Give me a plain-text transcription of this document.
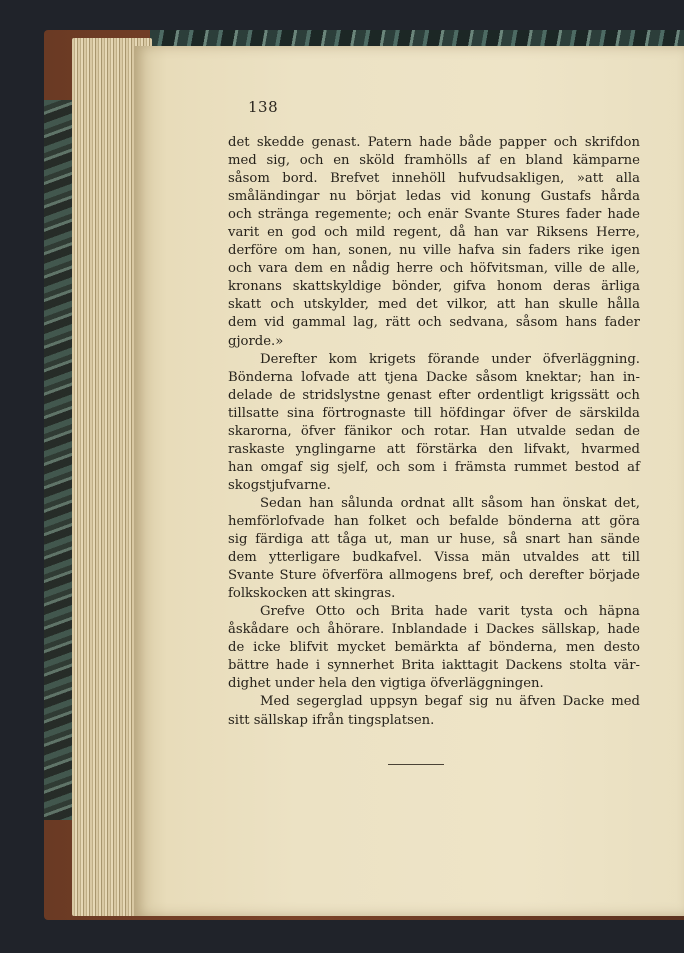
138
det skedde genast. Patern hade både papper och skrifdon
med sig, och en sköld framhölls af en bland kämparne
såsom bord. Brefvet innehöll hufvudsakligen, »att alla
småländingar nu börjat ledas vid konung Gustafs hårda
och stränga regemente; och enär Svante Stures fader hade
varit en god och mild regent, då han var Riksens Herre,
derföre om han, sonen, nu ville hafva sin faders rike igen
och vara dem en nådig herre och höfvitsman, ville de alle,
kronans skattskyldige bönder, gifva honom deras ärliga
skatt och utskylder, med det vilkor, att han skulle hålla
dem vid gammal lag, rätt och sedvana, såsom hans fader
gjorde.»
Derefter kom krigets förande under öfverläggning.
Bönderna lofvade att tjena Dacke såsom knektar; han in-
delade de stridslystne genast efter ordentligt krigssätt och
tillsatte sina förtrognaste till höfdingar öfver de särskilda
skarorna, öfver fänikor och rotar. Han utvalde sedan de
raskaste ynglingarne att förstärka den lifvakt, hvarmed
han omgaf sig sjelf, och som i främsta rummet bestod af
skogstjufvarne.
Sedan han sålunda ordnat allt såsom han önskat det,
hemförlofvade han folket och befalde bönderna att göra
sig färdiga att tåga ut, man ur huse, så snart han sände
dem ytterligare budkafvel. Vissa män utvaldes att till
Svante Sture öfverföra allmogens bref, och derefter började
folkskocken att skingras.
Grefve Otto och Brita hade varit tysta och häpna
åskådare och åhörare. Inblandade i Dackes sällskap, hade
de icke blifvit mycket bemärkta af bönderna, men desto
bättre hade i synnerhet Brita iakttagit Dackens stolta vär-
dighet under hela den vigtiga öfverläggningen.
Med segerglad uppsyn begaf sig nu äfven Dacke med
sitt sällskap ifrån tingsplatsen.
